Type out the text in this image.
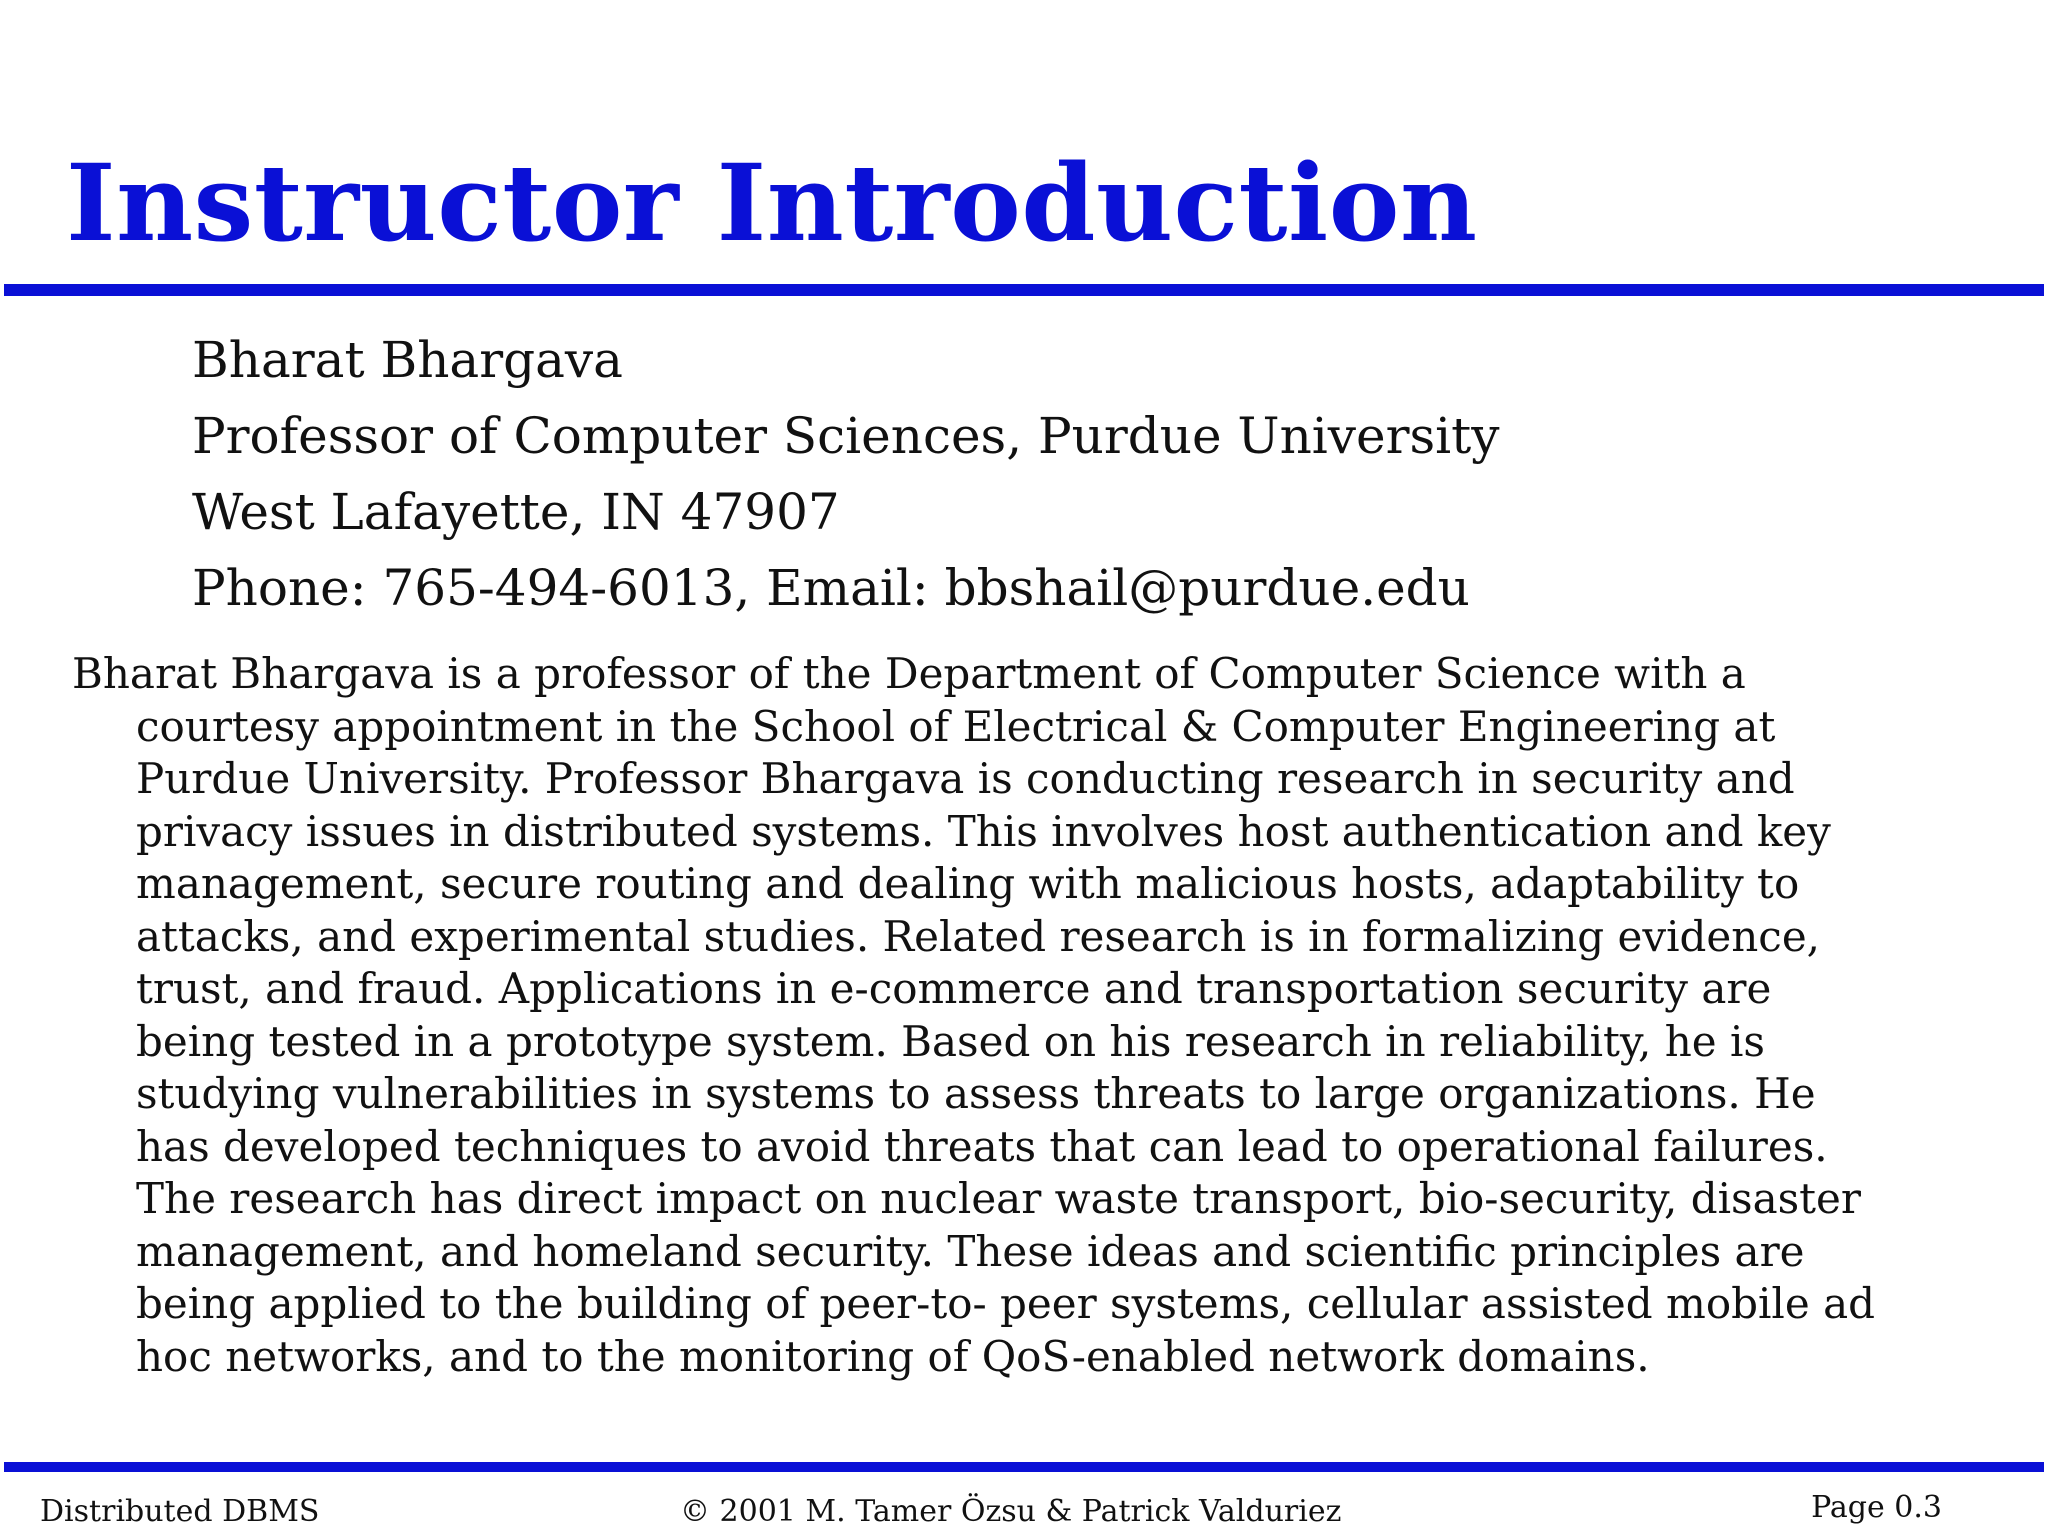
Instructor Introduction
Bharat Bhargava
Professor of Computer Sciences, Purdue University
West Lafayette, IN 47907
Phone: 765-494-6013, Email: bbshail@purdue.edu
Bharat Bhargava is a professor of the Department of Computer Science with a
courtesy appointment in the School of Electrical & Computer Engineering at
Purdue University. Professor Bhargava is conducting research in security and
privacy issues in distributed systems. This involves host authentication and key
management, secure routing and dealing with malicious hosts, adaptability to
attacks, and experimental studies. Related research is in formalizing evidence,
trust, and fraud. Applications in e-commerce and transportation security are
being tested in a prototype system. Based on his research in reliability, he is
studying vulnerabilities in systems to assess threats to large organizations. He
has developed techniques to avoid threats that can lead to operational failures.
The research has direct impact on nuclear waste transport, bio-security, disaster
management, and homeland security. These ideas and scientific principles are
being applied to the building of peer-to- peer systems, cellular assisted mobile ad
hoc networks, and to the monitoring of QoS-enabled network domains.
Distributed DBMS	© 2001 M. Tamer Özsu & Patrick Valduriez	Page 0.3
